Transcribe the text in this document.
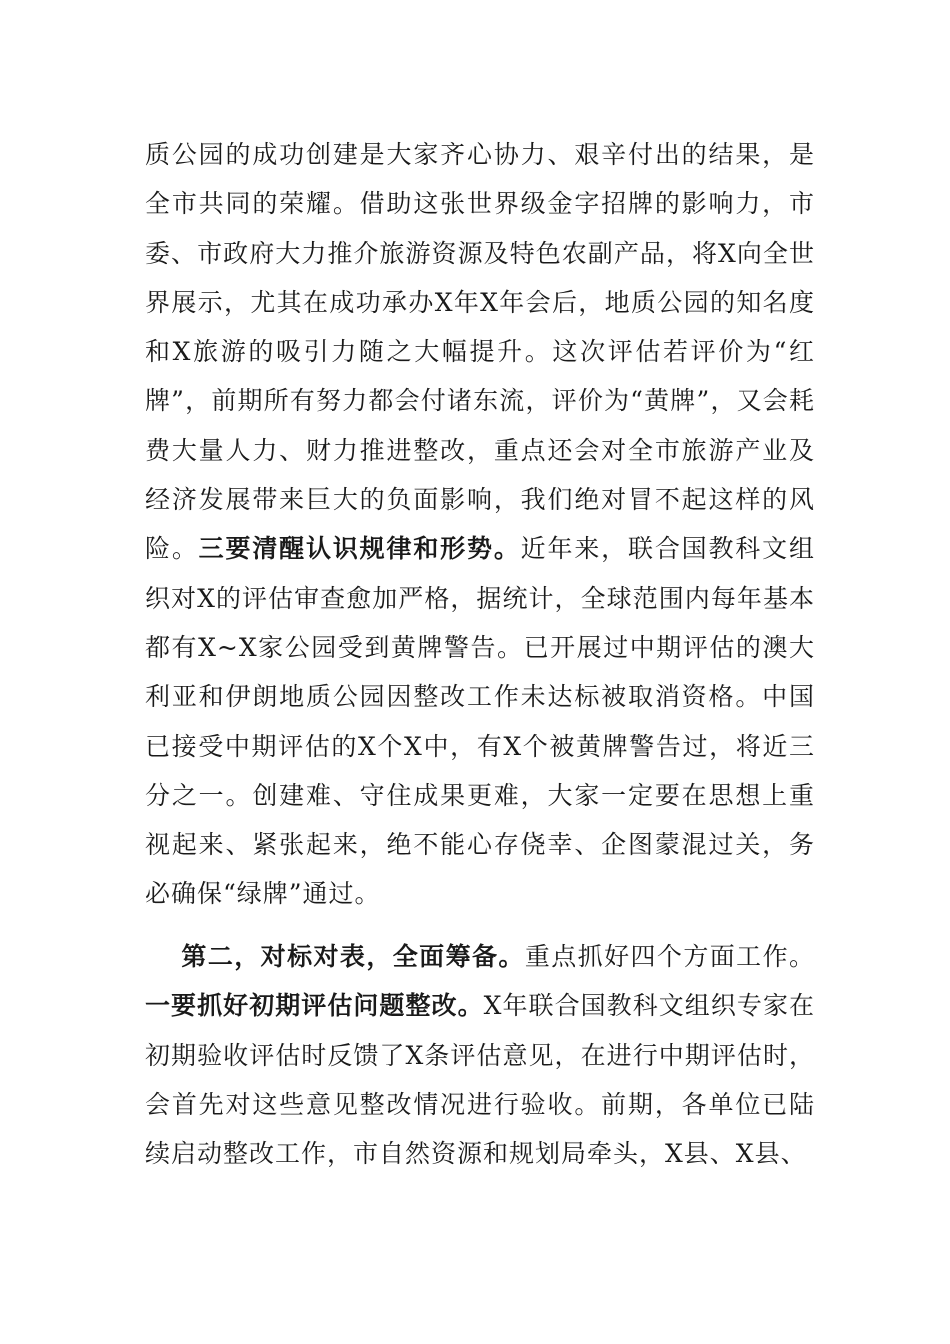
质公园的成功创建是大家齐心协力、艰辛付出的结果，是全市共同的荣耀。借助这张世界级金字招牌的影响力，市委、市政府大力推介旅游资源及特色农副产品，将X向全世界展示，尤其在成功承办X年X年会后，地质公园的知名度和X旅游的吸引力随之大幅提升。这次评估若评价为“红牌”，前期所有努力都会付诸东流，评价为“黄牌”，又会耗费大量人力、财力推进整改，重点还会对全市旅游产业及经济发展带来巨大的负面影响，我们绝对冒不起这样的风险。三要清醒认识规律和形势。近年来，联合国教科文组织对X的评估审查愈加严格，据统计，全球范围内每年基本都有X~X家公园受到黄牌警告。已开展过中期评估的澳大利亚和伊朗地质公园因整改工作未达标被取消资格。中国已接受中期评估的X个X中，有X个被黄牌警告过，将近三分之一。创建难、守住成果更难，大家一定要在思想上重视起来、紧张起来，绝不能心存侥幸、企图蒙混过关，务必确保“绿牌”通过。
第二，对标对表，全面筹备。重点抓好四个方面工作。一要抓好初期评估问题整改。X年联合国教科文组织专家在初期验收评估时反馈了X条评估意见，在进行中期评估时，会首先对这些意见整改情况进行验收。前期，各单位已陆续启动整改工作，市自然资源和规划局牵头，X县、X县、
